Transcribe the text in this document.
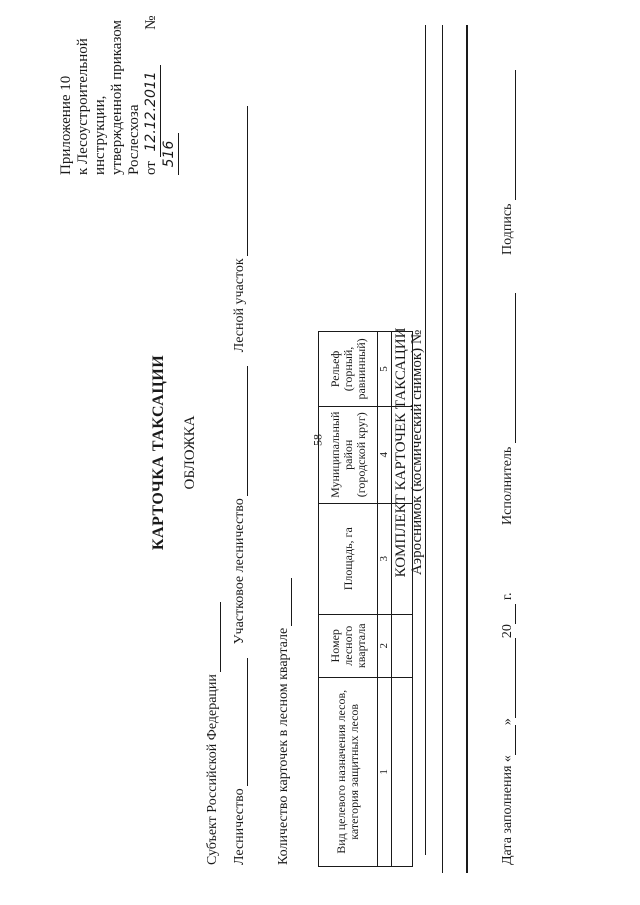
58
Приложение 10 к Лесоустроительной инструкции, утвержденной приказом Рослесхоза от 12.12.2011  № 516
КАРТОЧКА ТАКСАЦИИ ОБЛОЖКА
Субъект Российской Федерации Лесничество
Участковое лесничество
Лесной участок
Количество карточек в лесном квартале	Вид целевого назначения лесов, категория защитных лесов	Номер лесного квартала	Площадь, га	Муниципальный район (городской круг)	Рельеф (горный, равнинный)
1	2	3	4	5
				КОМПЛЕКТ КАРТОЧЕК ТАКСАЦИИ Аэроснимок (космический снимок) №
Дата заполнения «
»
20
г.
Исполнитель
Подпись
